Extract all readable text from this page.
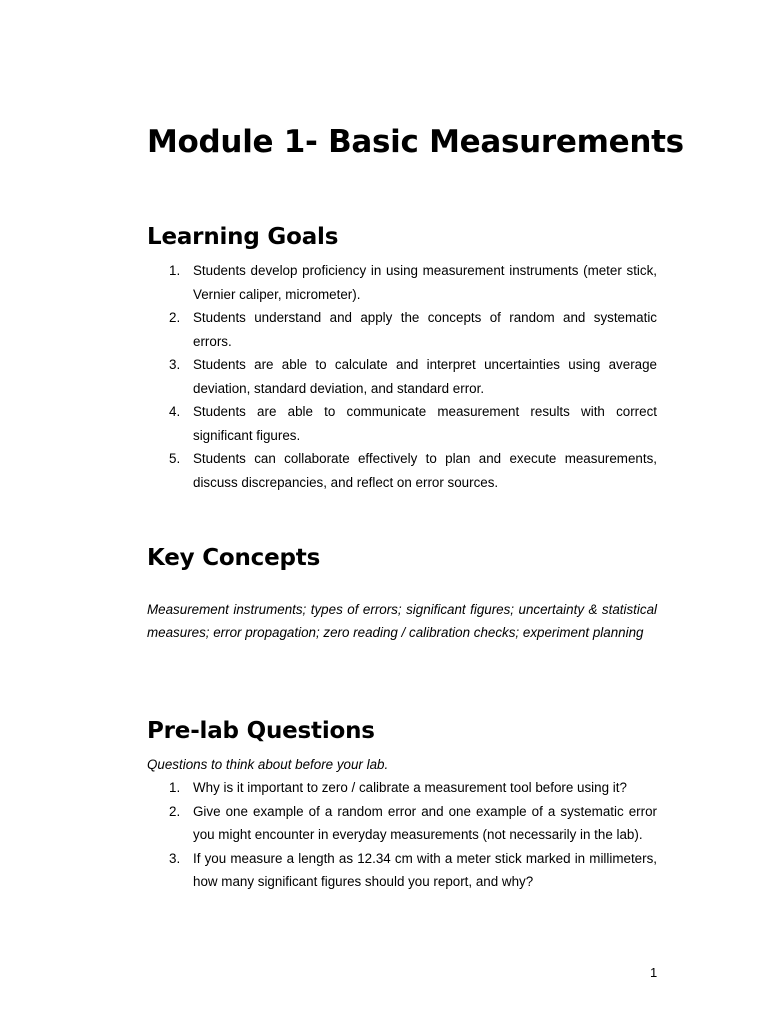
Module 1- Basic Measurements
Learning Goals
1. Students develop proficiency in using measurement instruments (meter stick, Vernier caliper, micrometer).
2. Students understand and apply the concepts of random and systematic errors.
3. Students are able to calculate and interpret uncertainties using average deviation, standard deviation, and standard error.
4. Students are able to communicate measurement results with correct significant figures.
5. Students can collaborate effectively to plan and execute measurements, discuss discrepancies, and reflect on error sources.
Key Concepts

Measurement instruments; types of errors; significant figures; uncertainty & statistical measures; error propagation; zero reading / calibration checks; experiment planning

Pre-lab Questions

Questions to think about before your lab.

1. Why is it important to zero / calibrate a measurement tool before using it?
2. Give one example of a random error and one example of a systematic error you might encounter in everyday measurements (not necessarily in the lab).
3. If you measure a length as 12.34 cm with a meter stick marked in millimeters, how many significant figures should you report, and why?
1
